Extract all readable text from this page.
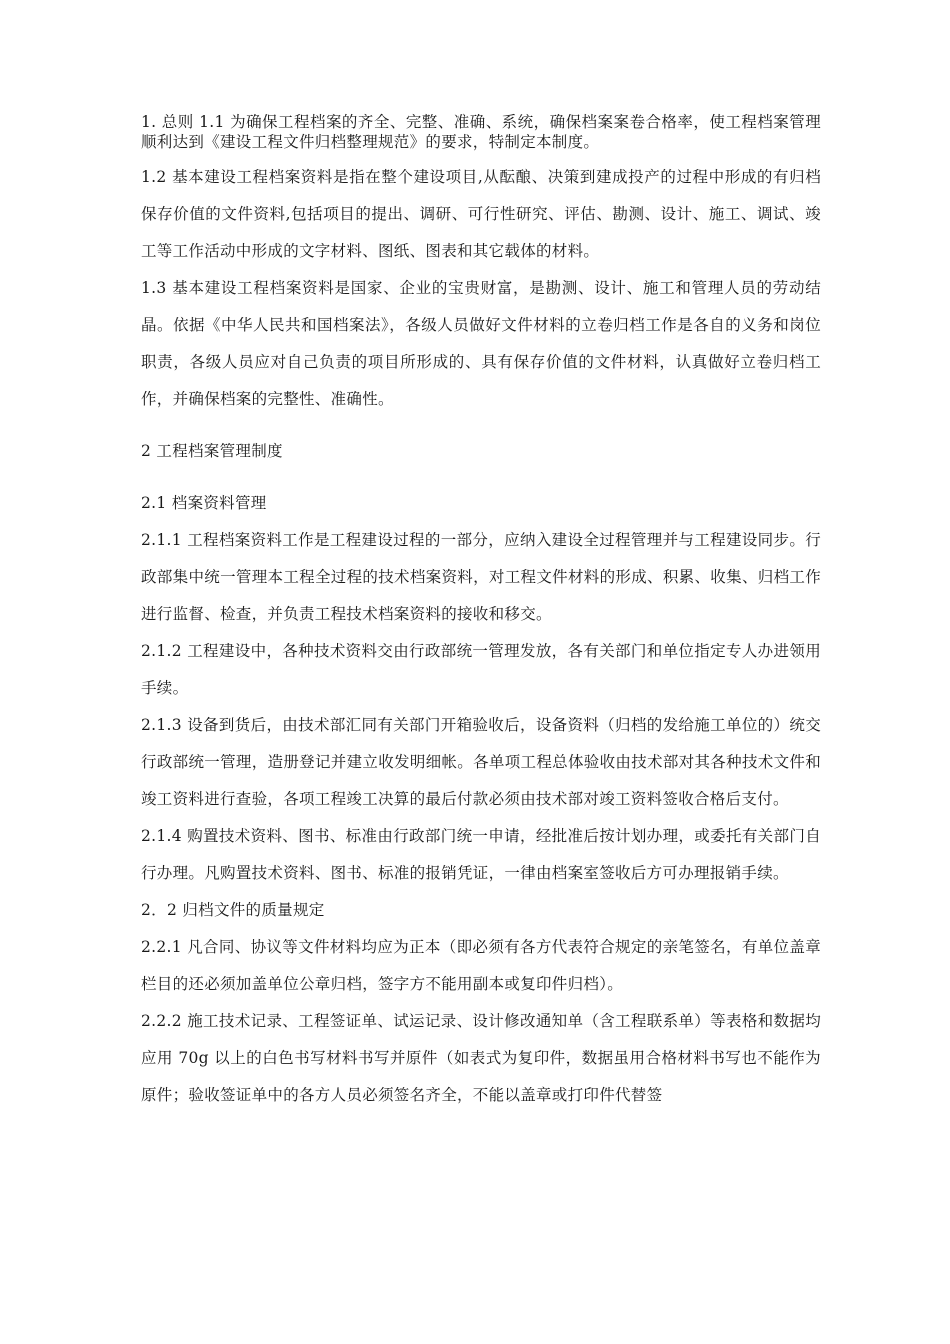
1. 总则 1.1 为确保工程档案的齐全、完整、准确、系统，确保档案案卷合格率，使工程档案管理顺利达到《建设工程文件归档整理规范》的要求，特制定本制度。

1.2 基本建设工程档案资料是指在整个建设项目,从酝酿、决策到建成投产的过程中形成的有归档保存价值的文件资料,包括项目的提出、调研、可行性研究、评估、勘测、设计、施工、调试、竣工等工作活动中形成的文字材料、图纸、图表和其它载体的材料。

1.3 基本建设工程档案资料是国家、企业的宝贵财富，是勘测、设计、施工和管理人员的劳动结晶。依据《中华人民共和国档案法》，各级人员做好文件材料的立卷归档工作是各自的义务和岗位职责，各级人员应对自己负责的项目所形成的、具有保存价值的文件材料，认真做好立卷归档工作，并确保档案的完整性、准确性。

2 工程档案管理制度

2.1 档案资料管理

2.1.1 工程档案资料工作是工程建设过程的一部分，应纳入建设全过程管理并与工程建设同步。行政部集中统一管理本工程全过程的技术档案资料，对工程文件材料的形成、积累、收集、归档工作进行监督、检查，并负责工程技术档案资料的接收和移交。

2.1.2 工程建设中，各种技术资料交由行政部统一管理发放，各有关部门和单位指定专人办进领用手续。

2.1.3 设备到货后，由技术部汇同有关部门开箱验收后，设备资料（归档的发给施工单位的）统交行政部统一管理，造册登记并建立收发明细帐。各单项工程总体验收由技术部对其各种技术文件和竣工资料进行查验，各项工程竣工决算的最后付款必须由技术部对竣工资料签收合格后支付。

2.1.4 购置技术资料、图书、标准由行政部门统一申请，经批准后按计划办理，或委托有关部门自行办理。凡购置技术资料、图书、标准的报销凭证，一律由档案室签收后方可办理报销手续。

2．2 归档文件的质量规定

2.2.1 凡合同、协议等文件材料均应为正本（即必须有各方代表符合规定的亲笔签名，有单位盖章栏目的还必须加盖单位公章归档，签字方不能用副本或复印件归档）。

2.2.2 施工技术记录、工程签证单、试运记录、设计修改通知单（含工程联系单）等表格和数据均应用 70g 以上的白色书写材料书写并原件（如表式为复印件，数据虽用合格材料书写也不能作为原件；验收签证单中的各方人员必须签名齐全，不能以盖章或打印件代替签
